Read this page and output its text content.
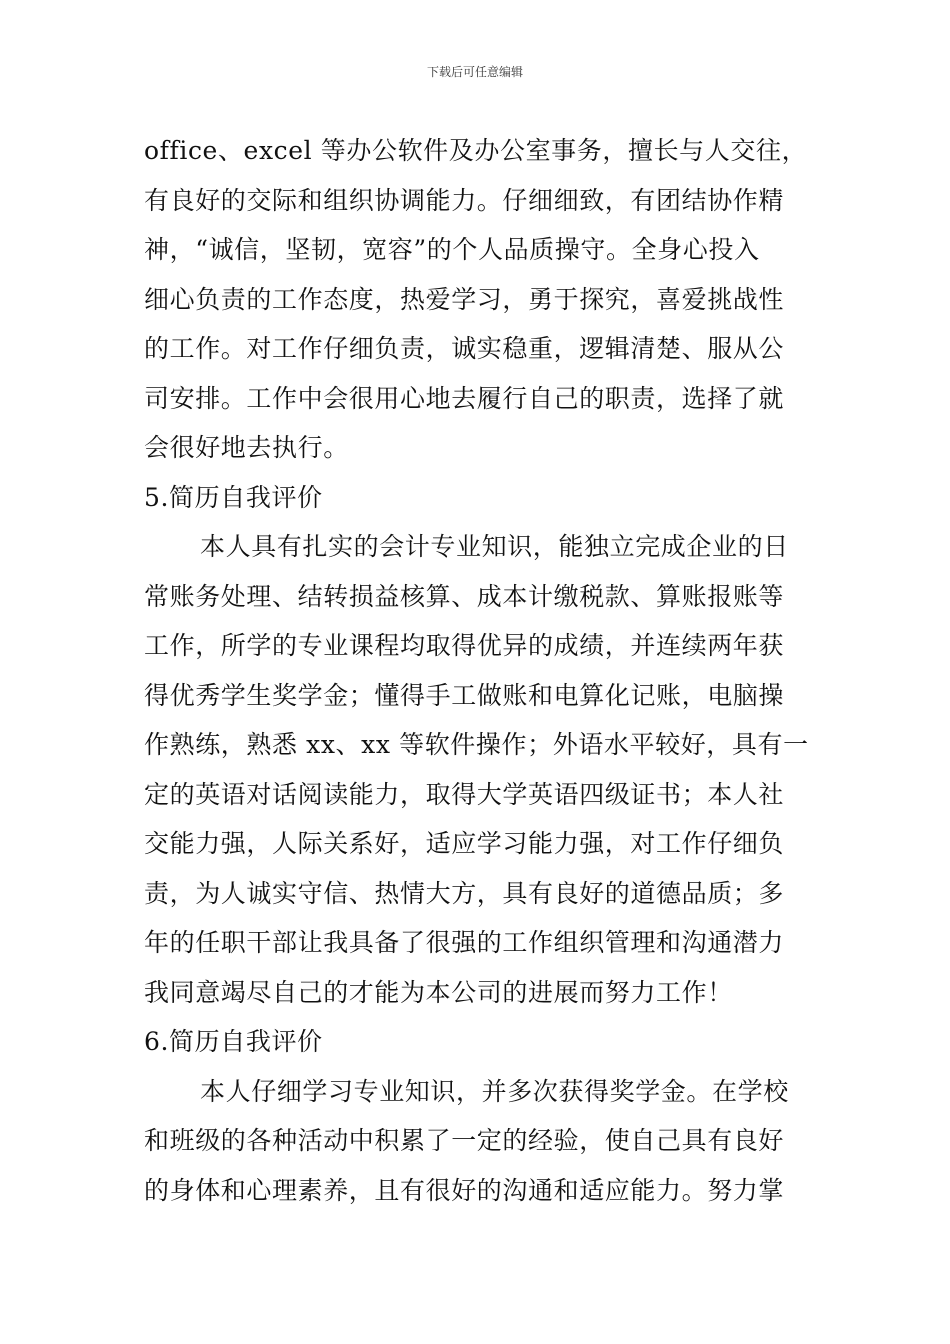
下载后可任意编辑
office、excel 等办公软件及办公室事务，擅长与人交往，
有良好的交际和组织协调能力。仔细细致，有团结协作精
神，“诚信，坚韧，宽容”的个人品质操守。全身心投入
细心负责的工作态度，热爱学习，勇于探究，喜爱挑战性
的工作。对工作仔细负责，诚实稳重，逻辑清楚、服从公
司安排。工作中会很用心地去履行自己的职责，选择了就
会很好地去执行。
5.简历自我评价
本人具有扎实的会计专业知识，能独立完成企业的日
常账务处理、结转损益核算、成本计缴税款、算账报账等
工作，所学的专业课程均取得优异的成绩，并连续两年获
得优秀学生奖学金；懂得手工做账和电算化记账，电脑操
作熟练，熟悉 xx、xx 等软件操作；外语水平较好，具有一
定的英语对话阅读能力，取得大学英语四级证书；本人社
交能力强，人际关系好，适应学习能力强，对工作仔细负
责，为人诚实守信、热情大方，具有良好的道德品质；多
年的任职干部让我具备了很强的工作组织管理和沟通潜力
我同意竭尽自己的才能为本公司的进展而努力工作！
6.简历自我评价
本人仔细学习专业知识，并多次获得奖学金。在学校
和班级的各种活动中积累了一定的经验，使自己具有良好
的身体和心理素养，且有很好的沟通和适应能力。努力掌
